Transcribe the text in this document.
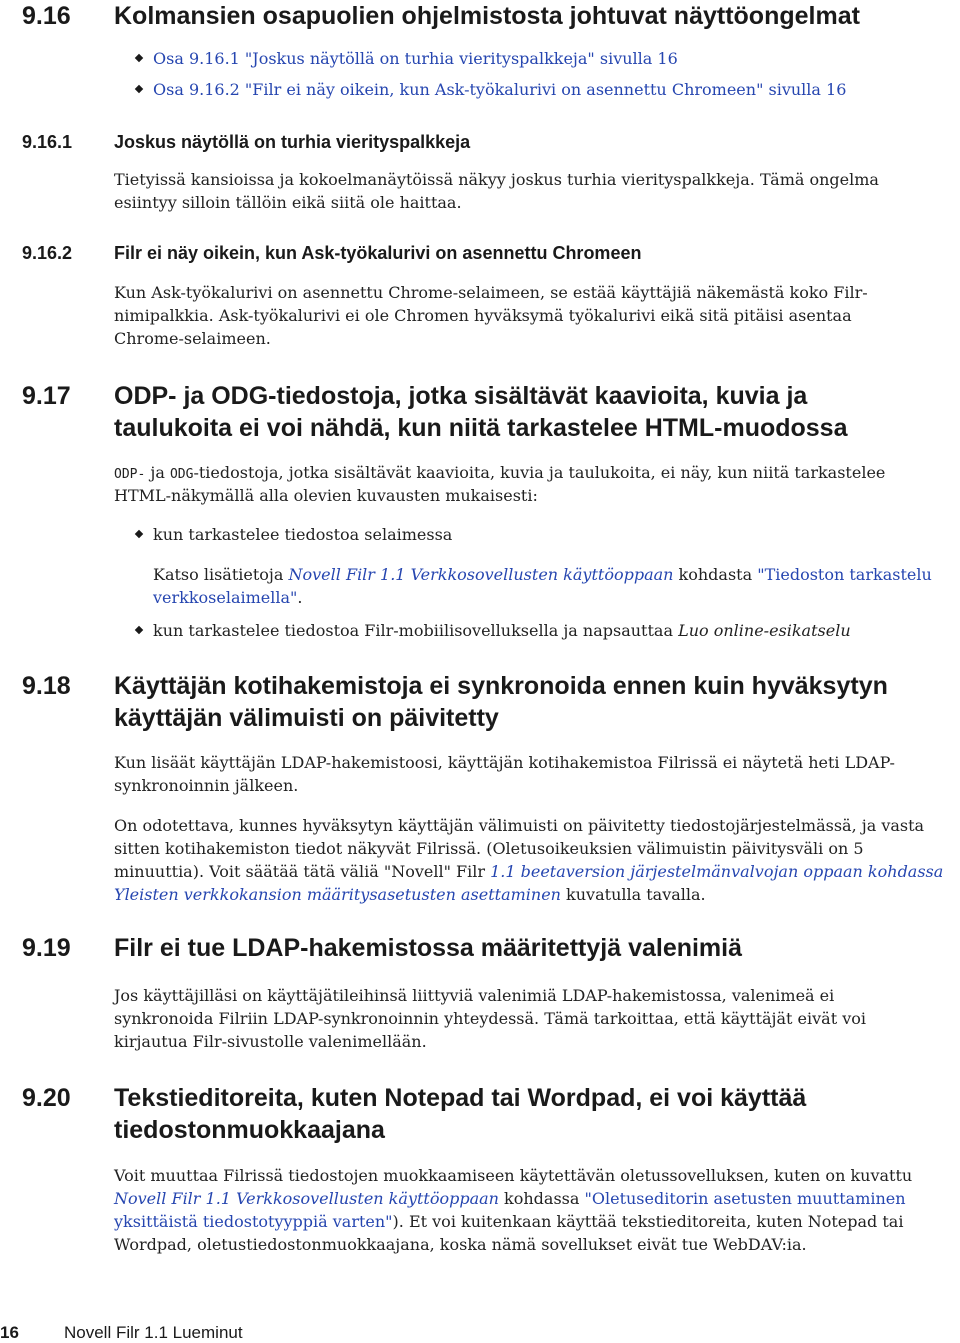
9.16 Kolmansien osapuolien ohjelmistosta johtuvat näyttöongelmat
Osa 9.16.1 "Joskus näytöllä on turhia vierityspalkkeja" sivulla 16
Osa 9.16.2 "Filr ei näy oikein, kun Ask-työkalurivi on asennettu Chromeen" sivulla 16
9.16.1 Joskus näytöllä on turhia vierityspalkkeja
Tietyissä kansioissa ja kokoelmanäytöissä näkyy joskus turhia vierityspalkkeja. Tämä ongelma
esiintyy silloin tällöin eikä siitä ole haittaa.
9.16.2 Filr ei näy oikein, kun Ask-työkalurivi on asennettu Chromeen
Kun Ask-työkalurivi on asennettu Chrome-selaimeen, se estää käyttäjiä näkemästä koko Filr-
nimipalkkia. Ask-työkalurivi ei ole Chromen hyväksymä työkalurivi eikä sitä pitäisi asentaa
Chrome-selaimeen.
9.17 ODP- ja ODG-tiedostoja, jotka sisältävät kaavioita, kuvia ja
taulukoita ei voi nähdä, kun niitä tarkastelee HTML-muodossa
ODP- ja ODG-tiedostoja, jotka sisältävät kaavioita, kuvia ja taulukoita, ei näy, kun niitä tarkastelee
HTML-näkymällä alla olevien kuvausten mukaisesti:
kun tarkastelee tiedostoa selaimessa
Katso lisätietoja Novell Filr 1.1 Verkkosovellusten käyttöoppaan kohdasta "Tiedoston tarkastelu
verkkoselaimella".
kun tarkastelee tiedostoa Filr-mobiilisovelluksella ja napsauttaa Luo online-esikatselu
9.18 Käyttäjän kotihakemistoja ei synkronoida ennen kuin hyväksytyn
käyttäjän välimuisti on päivitetty
Kun lisäät käyttäjän LDAP-hakemistoosi, käyttäjän kotihakemistoa Filrissä ei näytetä heti LDAP-
synkronoinnin jälkeen.
On odotettava, kunnes hyväksytyn käyttäjän välimuisti on päivitetty tiedostojärjestelmässä, ja vasta
sitten kotihakemiston tiedot näkyvät Filrissä. (Oletusoikeuksien välimuistin päivitysväli on 5
minuuttia). Voit säätää tätä väliä "Novell" Filr 1.1 beetaversion järjestelmänvalvojan oppaan kohdassa
Yleisten verkkokansion määritysasetusten asettaminen kuvatulla tavalla.
9.19 Filr ei tue LDAP-hakemistossa määritettyjä valenimiä
Jos käyttäjilläsi on käyttäjätileihinsä liittyviä valenimiä LDAP-hakemistossa, valenimeä ei
synkronoida Filriin LDAP-synkronoinnin yhteydessä. Tämä tarkoittaa, että käyttäjät eivät voi
kirjautua Filr-sivustolle valenimellään.
9.20 Tekstieditoreita, kuten Notepad tai Wordpad, ei voi käyttää
tiedostonmuokkaajana
Voit muuttaa Filrissä tiedostojen muokkaamiseen käytettävän oletussovelluksen, kuten on kuvattu
Novell Filr 1.1 Verkkosovellusten käyttöoppaan kohdassa "Oletuseditorin asetusten muuttaminen
yksittäistä tiedostotyyppiä varten"). Et voi kuitenkaan käyttää tekstieditoreita, kuten Notepad tai
Wordpad, oletustiedostonmuokkaajana, koska nämä sovellukset eivät tue WebDAV:ia.
16	Novell Filr 1.1 Lueminut
